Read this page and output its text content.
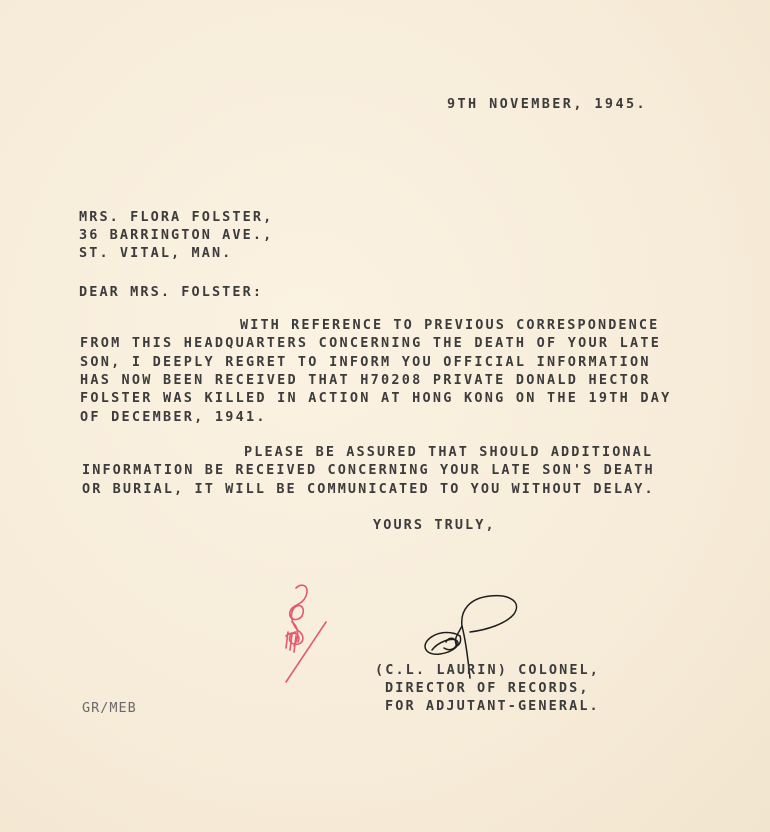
9TH NOVEMBER, 1945.
MRS. FLORA FOLSTER,
36 BARRINGTON AVE.,
ST. VITAL, MAN.
DEAR MRS. FOLSTER:
WITH REFERENCE TO PREVIOUS CORRESPONDENCE
FROM THIS HEADQUARTERS CONCERNING THE DEATH OF YOUR LATE
SON, I DEEPLY REGRET TO INFORM YOU OFFICIAL INFORMATION
HAS NOW BEEN RECEIVED THAT H70208 PRIVATE DONALD HECTOR
FOLSTER WAS KILLED IN ACTION AT HONG KONG ON THE 19TH DAY
OF DECEMBER, 1941.
PLEASE BE ASSURED THAT SHOULD ADDITIONAL
INFORMATION BE RECEIVED CONCERNING YOUR LATE SON'S DEATH
OR BURIAL, IT WILL BE COMMUNICATED TO YOU WITHOUT DELAY.
YOURS TRULY,
(C.L. LAURIN) COLONEL,
DIRECTOR OF RECORDS,
FOR ADJUTANT-GENERAL.
GR/MEB
